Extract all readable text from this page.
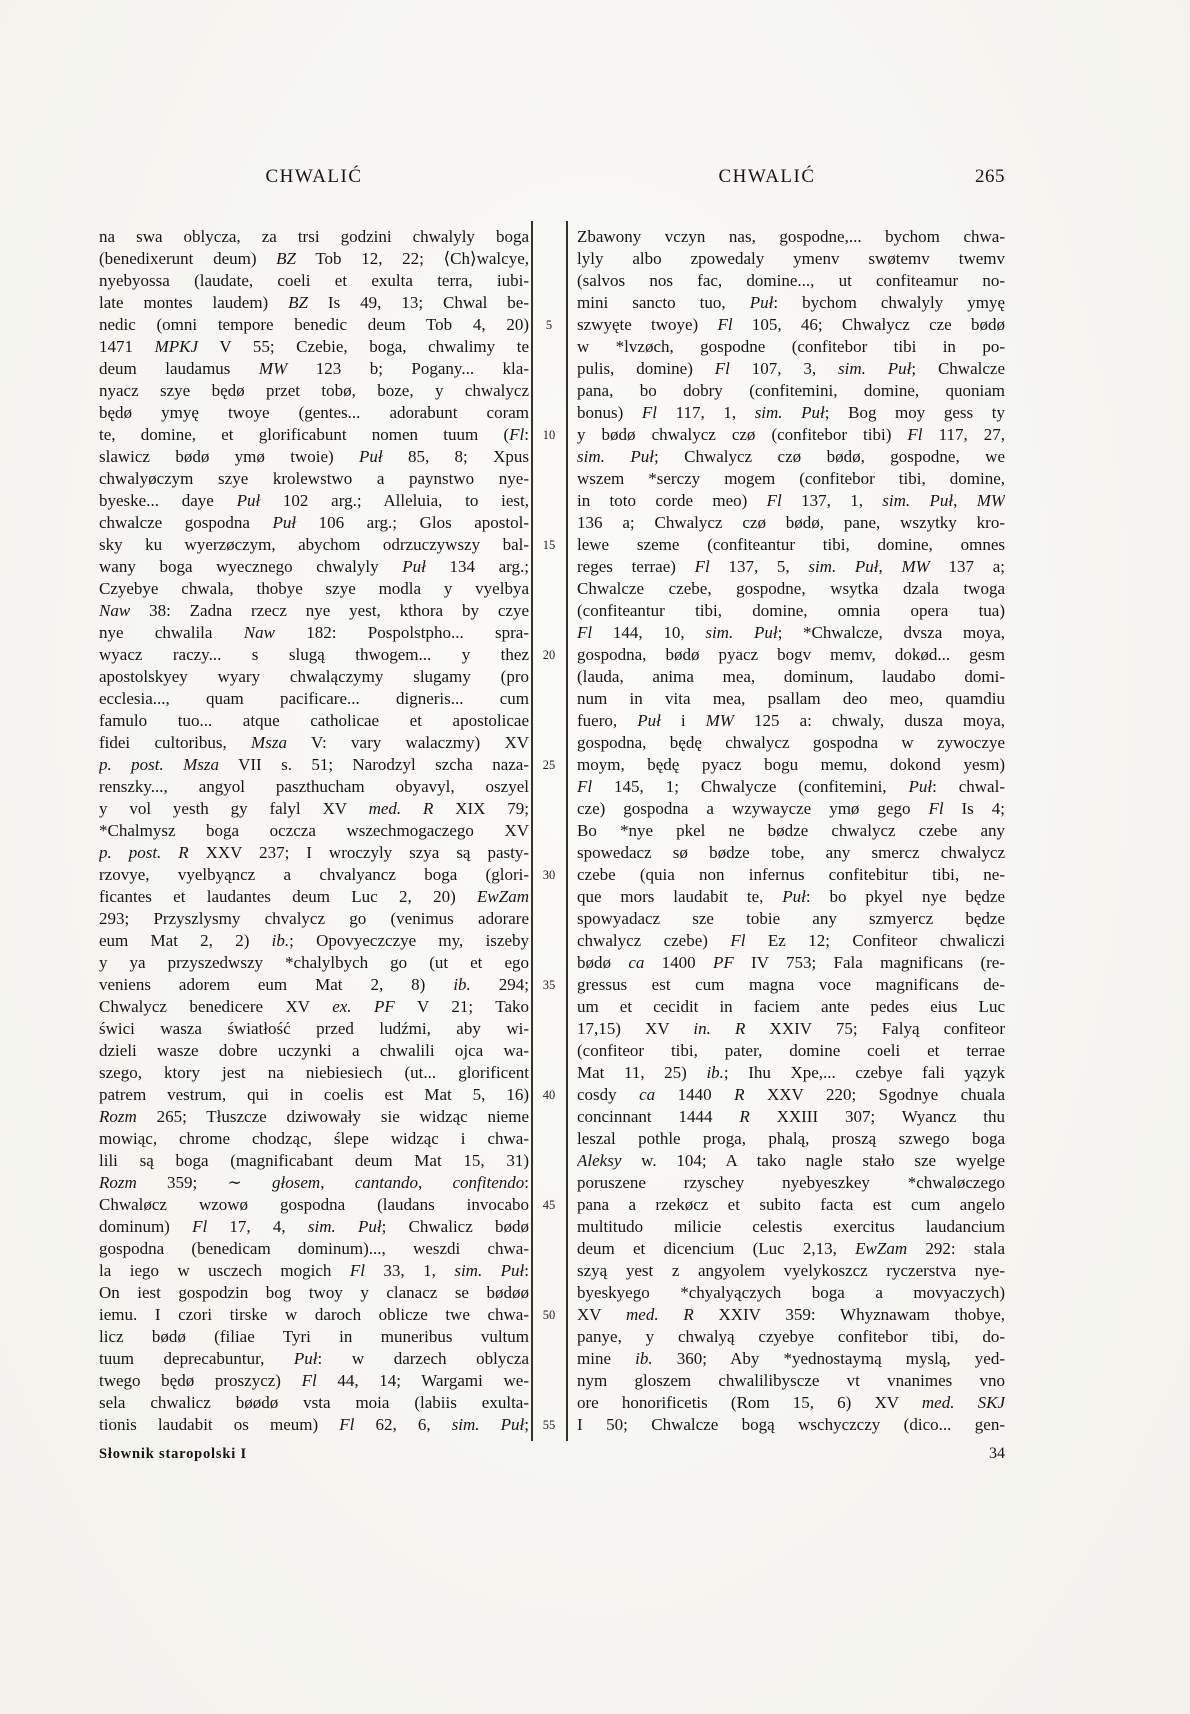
CHWALIĆ	CHWALIĆ	265
na swa oblycza, za trsi godzini chwalyly boga
(benedixerunt deum) BZ Tob 12, 22; ⟨Ch⟩walcye,
nyebyossa (laudate, coeli et exulta terra, iubi-
late montes laudem) BZ Is 49, 13; Chwal be-
nedic (omni tempore benedic deum Tob 4, 20)
1471 MPKJ V 55; Czebie, boga, chwalimy te
deum laudamus MW 123 b; Pogany... kla-
nyacz szye będø przet tobø, boze, y chwalycz
będø ymyę twoye (gentes... adorabunt coram
te, domine, et glorificabunt nomen tuum (Fl:
slawicz bødø ymø twoie) Puł 85, 8; Xpus
chwalyøczym szye krolewstwo a paynstwo nye-
byeske... daye Puł 102 arg.; Alleluia, to iest,
chwalcze gospodna Puł 106 arg.; Glos apostol-
sky ku wyerzøczym, abychom odrzuczywszy bal-
wany boga wyecznego chwalyly Puł 134 arg.;
Czyebye chwala, thobye szye modla y vyelbya
Naw 38: Zadna rzecz nye yest, kthora by czye
nye chwalila Naw 182: Pospolstpho... spra-
wyacz raczy... s slugą thwogem... y thez
apostolskyey wyary chwalączymy slugamy (pro
ecclesia..., quam pacificare... digneris... cum
famulo tuo... atque catholicae et apostolicae
fidei cultoribus, Msza V: vary walaczmy) XV
p. post. Msza VII s. 51; Narodzyl szcha naza-
renszky..., angyol paszthucham obyavyl, oszyel
y vol yesth gy falyl XV med. R XIX 79;
*Chalmysz boga oczcza wszechmogaczego XV
p. post. R XXV 237; I wroczyly szya są pasty-
rzovye, vyelbyąncz a chvalyancz boga (glori-
ficantes et laudantes deum Luc 2, 20) EwZam
293; Przyszlysmy chvalycz go (venimus adorare
eum Mat 2, 2) ib.; Opovyeczczye my, iszeby
y ya przyszedwszy *chalylbych go (ut et ego
veniens adorem eum Mat 2, 8) ib. 294;
Chwalycz benedicere XV ex. PF V 21; Tako
świci wasza światłość przed ludźmi, aby wi-
dzieli wasze dobre uczynki a chwalili ojca wa-
szego, ktory jest na niebiesiech (ut... glorificent
patrem vestrum, qui in coelis est Mat 5, 16)
Rozm 265; Tłuszcze dziwowały sie widząc nieme
mowiąc, chrome chodząc, ślepe widząc i chwa-
lili są boga (magnificabant deum Mat 15, 31)
Rozm 359; ∼ głosem, cantando, confitendo:
Chwaløcz wzowø gospodna (laudans invocabo
dominum) Fl 17, 4, sim. Puł; Chwalicz bødø
gospodna (benedicam dominum)..., weszdi chwa-
la iego w usczech mogich Fl 33, 1, sim. Puł:
On iest gospodzin bog twoy y clanacz se bødøø
iemu. I czori tirske w daroch oblicze twe chwa-
licz bødø (filiae Tyri in muneribus vultum
tuum deprecabuntur, Puł: w darzech oblycza
twego będø proszycz) Fl 44, 14; Wargami we-
sela chwalicz bøødø vsta moia (labiis exulta-
tionis laudabit os meum) Fl 62, 6, sim. Puł;
5
10
15
20
25
30
35
40
45
50
55
Zbawony vczyn nas, gospodne,... bychom chwa-
lyly albo zpowedaly ymenv swøtemv twemv
(salvos nos fac, domine..., ut confiteamur no-
mini sancto tuo, Puł: bychom chwalyly ymyę
szwyęte twoye) Fl 105, 46; Chwalycz cze bødø
w *lvzøch, gospodne (confitebor tibi in po-
pulis, domine) Fl 107, 3, sim. Puł; Chwalcze
pana, bo dobry (confitemini, domine, quoniam
bonus) Fl 117, 1, sim. Puł; Bog moy gess ty
y bødø chwalycz czø (confitebor tibi) Fl 117, 27,
sim. Puł; Chwalycz czø bødø, gospodne, we
wszem *serczy mogem (confitebor tibi, domine,
in toto corde meo) Fl 137, 1, sim. Puł, MW
136 a; Chwalycz czø bødø, pane, wszytky kro-
lewe szeme (confiteantur tibi, domine, omnes
reges terrae) Fl 137, 5, sim. Puł, MW 137 a;
Chwalcze czebe, gospodne, wsytka dzala twoga
(confiteantur tibi, domine, omnia opera tua)
Fl 144, 10, sim. Puł; *Chwalcze, dvsza moya,
gospodna, bødø pyacz bogv memv, dokød... gesm
(lauda, anima mea, dominum, laudabo domi-
num in vita mea, psallam deo meo, quamdiu
fuero, Puł i MW 125 a: chwaly, dusza moya,
gospodna, będę chwalycz gospodna w zywoczye
moym, będę pyacz bogu memu, dokond yesm)
Fl 145, 1; Chwalycze (confitemini, Puł: chwal-
cze) gospodna a wzywaycze ymø gego Fl Is 4;
Bo *nye pkel ne bødze chwalycz czebe any
spowedacz sø bødze tobe, any smercz chwalycz
czebe (quia non infernus confitebitur tibi, ne-
que mors laudabit te, Puł: bo pkyel nye będze
spowyadacz sze tobie any szmyercz będze
chwalycz czebe) Fl Ez 12; Confiteor chwaliczi
bødø ca 1400 PF IV 753; Fala magnificans (re-
gressus est cum magna voce magnificans de-
um et cecidit in faciem ante pedes eius Luc
17,15) XV in. R XXIV 75; Falyą confiteor
(confiteor tibi, pater, domine coeli et terrae
Mat 11, 25) ib.; Ihu Xpe,... czebye fali yązyk
cosdy ca 1440 R XXV 220; Sgodnye chuala
concinnant 1444 R XXIII 307; Wyancz thu
leszal pothle proga, phalą, proszą szwego boga
Aleksy w. 104; A tako nagle stało sze wyelge
poruszene rzyschey nyebyeszkey *chwaløczego
pana a rzekøcz et subito facta est cum angelo
multitudo milicie celestis exercitus laudancium
deum et dicencium (Luc 2,13, EwZam 292: stala
szyą yest z angyolem vyelykoszcz ryczerstva nye-
byeskyego *chyalyączych boga a movyaczych)
XV med. R XXIV 359: Whyznawam thobye,
panye, y chwalyą czyebye confitebor tibi, do-
mine ib. 360; Aby *yednostaymą myslą, yed-
nym gloszem chwalilibyscze vt vnanimes vno
ore honorificetis (Rom 15, 6) XV med. SKJ
I 50; Chwalcze bogą wschyczczy (dico... gen-
Słownik staropolski I	34
